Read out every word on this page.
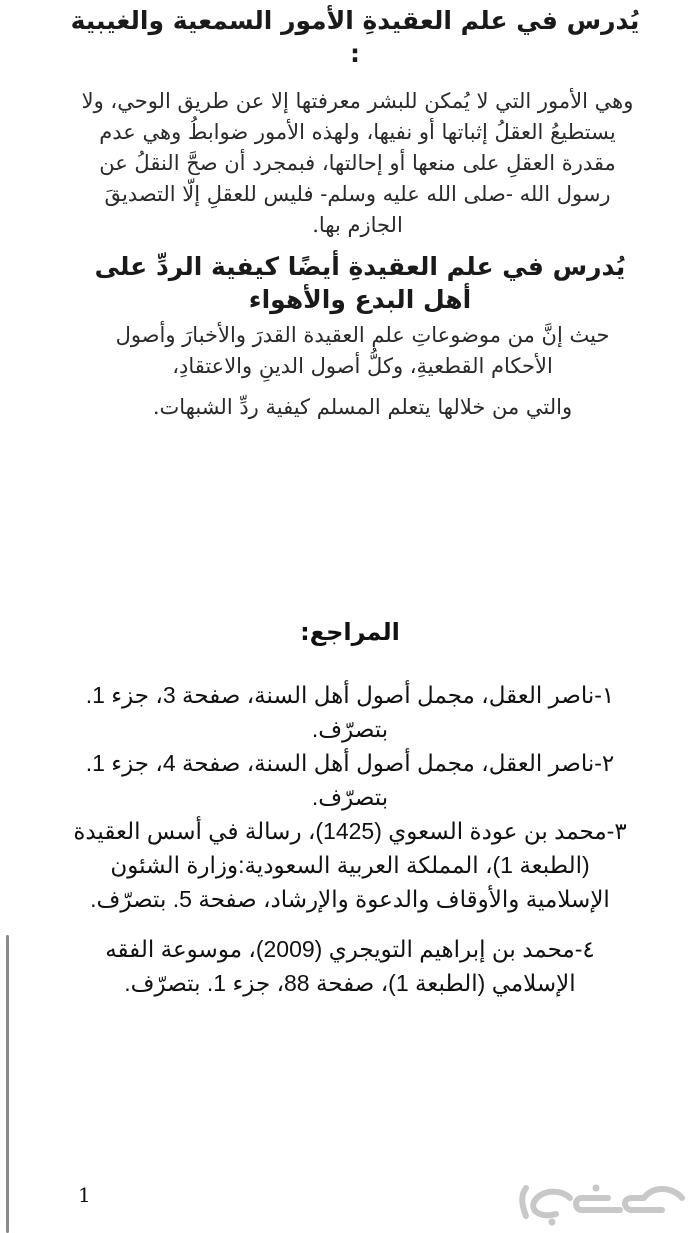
يُدرس في علم العقيدةِ الأمور السمعية والغيبية :

وهي الأمور التي لا يُمكن للبشر معرفتها إلا عن طريق الوحي، ولا يستطيعُ العقلُ إثباتها أو نفيها، ولهذه الأمور ضوابطُ وهي عدم مقدرة العقلِ على منعها أو إحالتها، فبمجرد أن صحَّ النقلُ عن رسول الله -صلى الله عليه وسلم- فليس للعقلِ إلّا التصديقَ الجازم بها.

يُدرس في علم العقيدةِ أيضًا كيفية الردِّ على أهل البدع والأهواء

حيث إنَّ من موضوعاتِ علم العقيدة القدرَ والأخبارَ وأصول الأحكام القطعيةِ، وكلُّ أصول الدينِ والاعتقادِ،
والتي من خلالها يتعلم المسلم كيفية ردِّ الشبهات.

المراجع:
١-ناصر العقل، مجمل أصول أهل السنة، صفحة 3، جزء 1. بتصرّف.
٢-ناصر العقل، مجمل أصول أهل السنة، صفحة 4، جزء 1. بتصرّف.
٣-محمد بن عودة السعوي (1425)، رسالة في أسس العقيدة (الطبعة 1)، المملكة العربية السعودية:وزارة الشئون الإسلامية والأوقاف والدعوة والإرشاد، صفحة 5. بتصرّف.
٤-محمد بن إبراهيم التويجري (2009)، موسوعة الفقه الإسلامي (الطبعة 1)، صفحة 88، جزء 1. بتصرّف.
1
